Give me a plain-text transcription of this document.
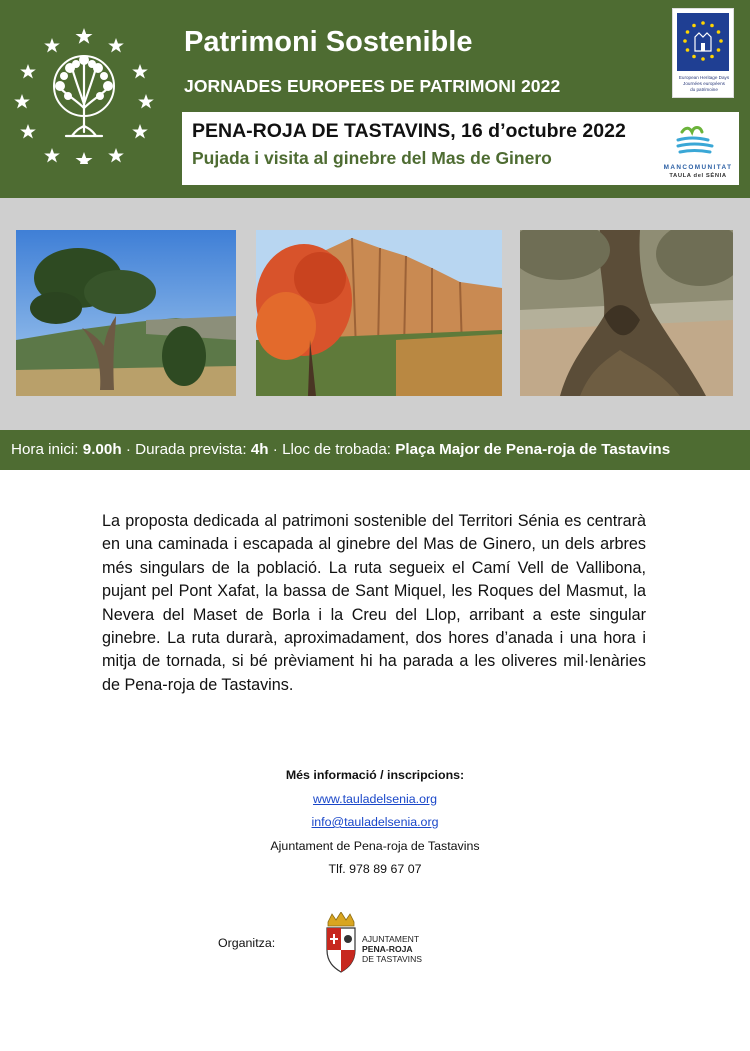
Patrimoni Sostenible
JORNADES EUROPEES DE PATRIMONI 2022	European Heritage Days
Journées européens
du patrimoine
PENA-ROJA DE TASTAVINS, 16 d’octubre 2022
Pujada i visita al ginebre del Mas de Ginero	MANCOMUNITAT
TAULA del SÉNIA
Hora inici: 9.00h · Durada prevista: 4h · Lloc de trobada: Plaça Major de Pena-roja de Tastavins

La proposta dedicada al patrimoni sostenible del Territori Sénia es centrarà en una caminada i escapada al ginebre del Mas de Ginero, un dels arbres més singulars de la població. La ruta segueix el Camí Vell de Vallibona, pujant pel Pont Xafat, la bassa de Sant Miquel, les Roques del Masmut, la Nevera del Maset de Borla i la Creu del Llop, arribant a este singular ginebre. La ruta durarà, aproximadament, dos hores d’anada i una hora i mitja de tornada, si bé prèviament hi ha parada a les oliveres mil·lenàries de Pena-roja de Tastavins.

Més informació / inscripcions:
www.tauladelsenia.org
info@tauladelsenia.org
Ajuntament de Pena-roja de Tastavins
Tlf. 978 89 67 07
Organitza:	AJUNTAMENT
PENA-ROJA
DE TASTAVINS
